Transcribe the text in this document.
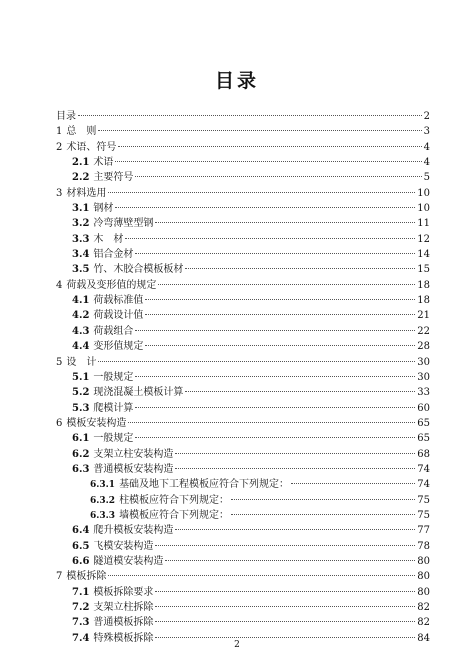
目录
目录	2
1 总　则	3
2 术语、符号	4
2.1 术语	4
2.2 主要符号	5
3 材料选用	10
3.1 钢材	10
3.2 冷弯薄壁型钢	11
3.3 木　材	12
3.4 铝合金材	14
3.5 竹、木胶合模板板材	15
4 荷载及变形值的规定	18
4.1 荷载标准值	18
4.2 荷载设计值	21
4.3 荷载组合	22
4.4 变形值规定	28
5 设　计	30
5.1 一般规定	30
5.2 现浇混凝土模板计算	33
5.3 爬模计算	60
6 模板安装构造	65
6.1 一般规定	65
6.2 支架立柱安装构造	68
6.3 普通模板安装构造	74
6.3.1 基础及地下工程模板应符合下列规定：	74
6.3.2 柱模板应符合下列规定：	75
6.3.3 墙模板应符合下列规定：	75
6.4 爬升模板安装构造	77
6.5 飞模安装构造	78
6.6 隧道模安装构造	80
7 模板拆除	80
7.1 模板拆除要求	80
7.2 支架立柱拆除	82
7.3 普通模板拆除	82
7.4 特殊模板拆除	84
2
